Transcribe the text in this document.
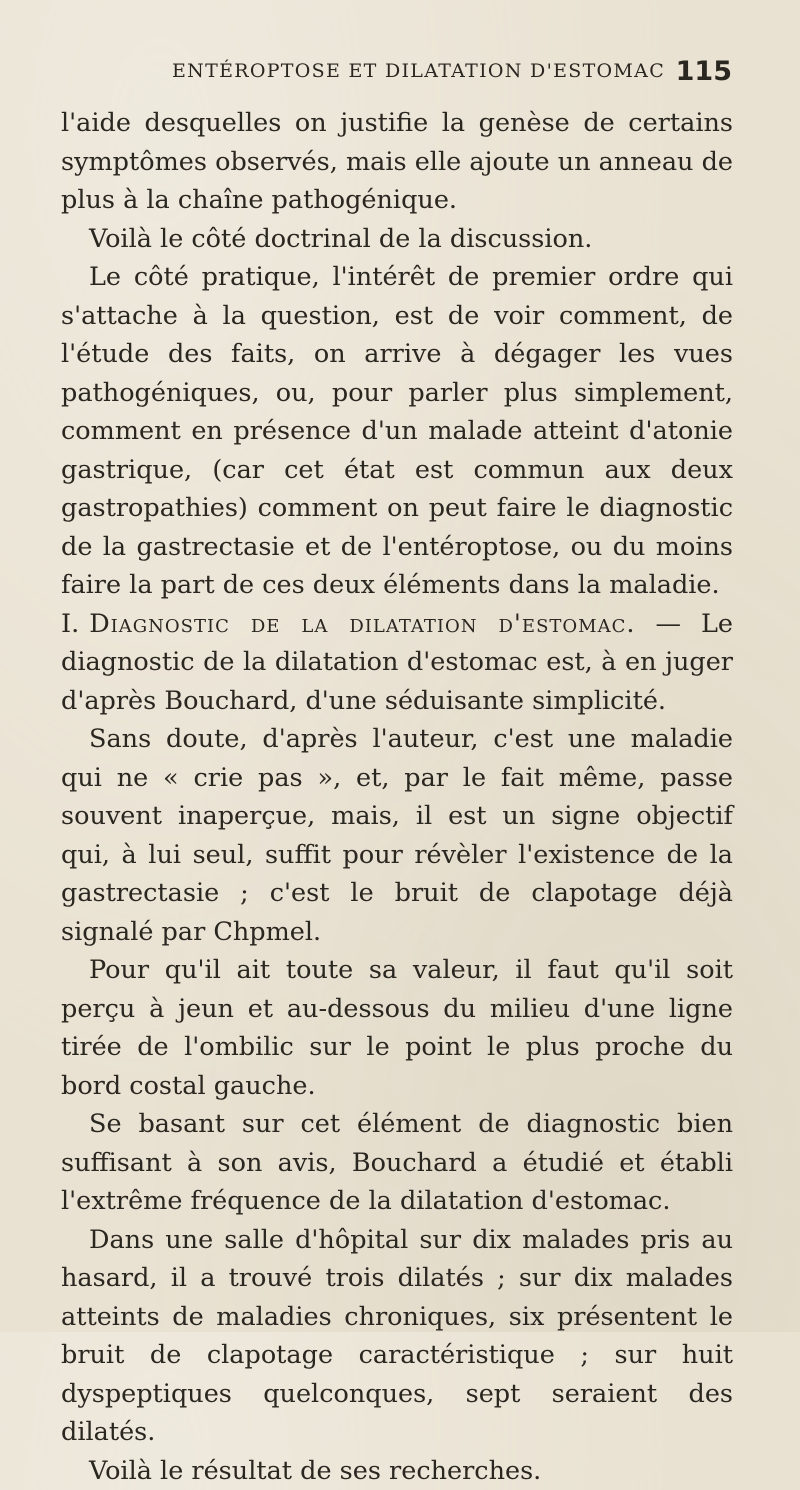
ENTÉROPTOSE ET DILATATION D'ESTOMAC 115

l'aide desquelles on justifie la genèse de certains symptômes observés, mais elle ajoute un anneau de plus à la chaîne pathogénique.

Voilà le côté doctrinal de la discussion.

Le côté pratique, l'intérêt de premier ordre qui s'attache à la question, est de voir comment, de l'étude des faits, on arrive à dégager les vues pathogéniques, ou, pour parler plus simplement, comment en présence d'un malade atteint d'atonie gastrique, (car cet état est commun aux deux gastropathies) comment on peut faire le diagnostic de la gastrectasie et de l'entéroptose, ou du moins faire la part de ces deux éléments dans la maladie.

I. Diagnostic de la dilatation d'estomac. — Le diagnostic de la dilatation d'estomac est, à en juger d'après Bouchard, d'une séduisante simplicité.

Sans doute, d'après l'auteur, c'est une maladie qui ne « crie pas », et, par le fait même, passe souvent inaperçue, mais, il est un signe objectif qui, à lui seul, suffit pour révèler l'existence de la gastrectasie ; c'est le bruit de clapotage déjà signalé par Chpmel.

Pour qu'il ait toute sa valeur, il faut qu'il soit perçu à jeun et au-dessous du milieu d'une ligne tirée de l'ombilic sur le point le plus proche du bord costal gauche.

Se basant sur cet élément de diagnostic bien suffisant à son avis, Bouchard a étudié et établi l'extrême fréquence de la dilatation d'estomac.

Dans une salle d'hôpital sur dix malades pris au hasard, il a trouvé trois dilatés ; sur dix malades atteints de maladies chroniques, six présentent le bruit de clapotage caractéristique ; sur huit dyspeptiques quelconques, sept seraient des dilatés.

Voilà le résultat de ses recherches.
